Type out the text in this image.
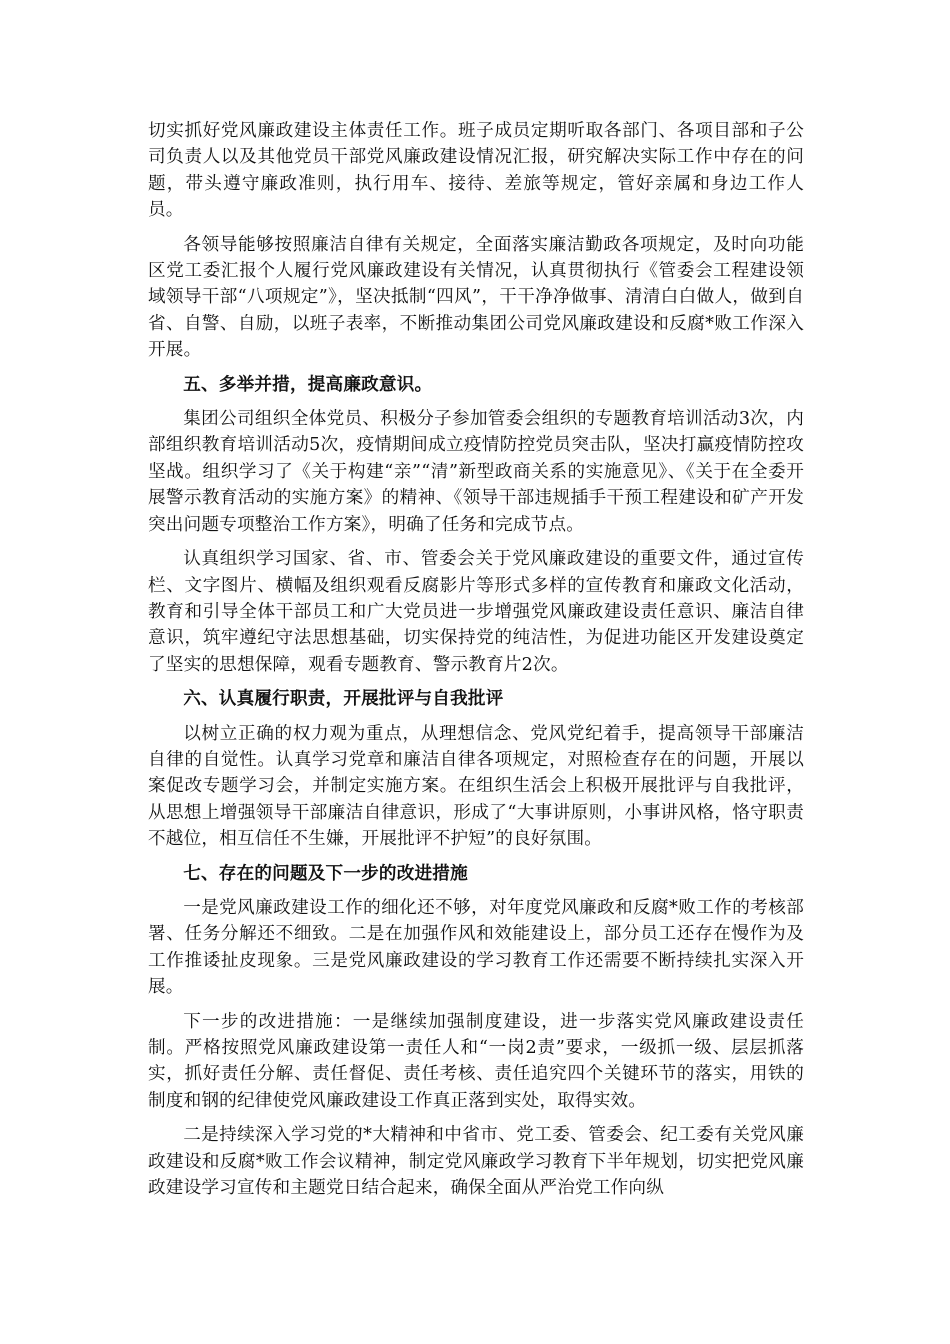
切实抓好党风廉政建设主体责任工作。班子成员定期听取各部门、各项目部和子公司负责人以及其他党员干部党风廉政建设情况汇报，研究解决实际工作中存在的问题，带头遵守廉政准则，执行用车、接待、差旅等规定，管好亲属和身边工作人员。

各领导能够按照廉洁自律有关规定，全面落实廉洁勤政各项规定，及时向功能区党工委汇报个人履行党风廉政建设有关情况，认真贯彻执行《管委会工程建设领域领导干部“八项规定”》，坚决抵制“四风”，干干净净做事、清清白白做人，做到自省、自警、自励，以班子表率，不断推动集团公司党风廉政建设和反腐*败工作深入开展。

五、多举并措，提高廉政意识。

集团公司组织全体党员、积极分子参加管委会组织的专题教育培训活动3次，内部组织教育培训活动5次，疫情期间成立疫情防控党员突击队，坚决打赢疫情防控攻坚战。组织学习了《关于构建“亲”“清”新型政商关系的实施意见》、《关于在全委开展警示教育活动的实施方案》的精神、《领导干部违规插手干预工程建设和矿产开发突出问题专项整治工作方案》，明确了任务和完成节点。

认真组织学习国家、省、市、管委会关于党风廉政建设的重要文件，通过宣传栏、文字图片、横幅及组织观看反腐影片等形式多样的宣传教育和廉政文化活动，教育和引导全体干部员工和广大党员进一步增强党风廉政建设责任意识、廉洁自律意识，筑牢遵纪守法思想基础，切实保持党的纯洁性，为促进功能区开发建设奠定了坚实的思想保障，观看专题教育、警示教育片2次。

六、认真履行职责，开展批评与自我批评

以树立正确的权力观为重点，从理想信念、党风党纪着手，提高领导干部廉洁自律的自觉性。认真学习党章和廉洁自律各项规定，对照检查存在的问题，开展以案促改专题学习会，并制定实施方案。在组织生活会上积极开展批评与自我批评，从思想上增强领导干部廉洁自律意识，形成了“大事讲原则，小事讲风格，恪守职责不越位，相互信任不生嫌，开展批评不护短”的良好氛围。

七、存在的问题及下一步的改进措施

一是党风廉政建设工作的细化还不够，对年度党风廉政和反腐*败工作的考核部署、任务分解还不细致。二是在加强作风和效能建设上，部分员工还存在慢作为及工作推诿扯皮现象。三是党风廉政建设的学习教育工作还需要不断持续扎实深入开展。

下一步的改进措施：一是继续加强制度建设，进一步落实党风廉政建设责任制。严格按照党风廉政建设第一责任人和“一岗2责”要求，一级抓一级、层层抓落实，抓好责任分解、责任督促、责任考核、责任追究四个关键环节的落实，用铁的制度和钢的纪律使党风廉政建设工作真正落到实处，取得实效。

二是持续深入学习党的*大精神和中省市、党工委、管委会、纪工委有关党风廉政建设和反腐*败工作会议精神，制定党风廉政学习教育下半年规划，切实把党风廉政建设学习宣传和主题党日结合起来，确保全面从严治党工作向纵
